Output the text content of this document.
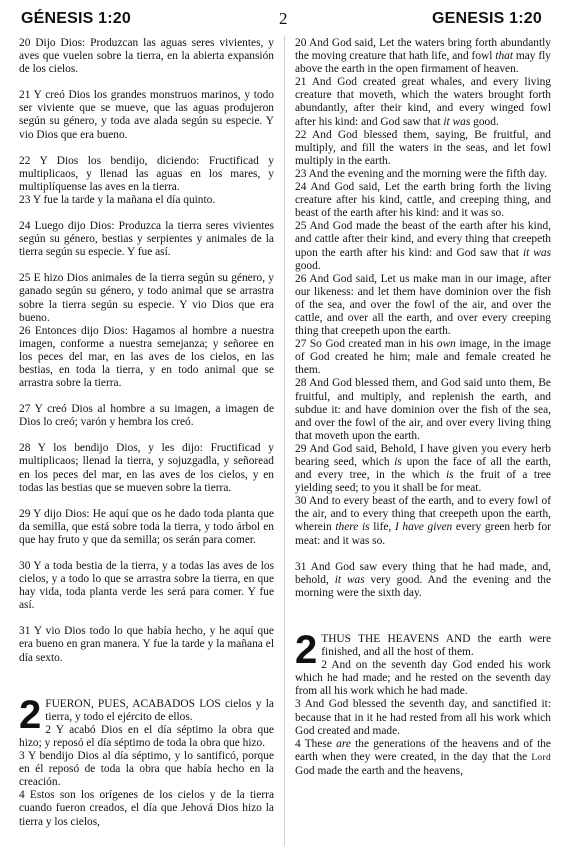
GÉNESIS 1:20	2	GENESIS 1:20

20 Dijo Dios: Produzcan las aguas seres vivientes, y aves que vuelen sobre la tierra, en la abierta expansión de los cielos.

21 Y creó Dios los grandes monstruos marinos, y todo ser viviente que se mueve, que las aguas produjeron según su género, y toda ave alada según su especie. Y vio Dios que era bueno.

22 Y Dios los bendijo, diciendo: Fructificad y multiplicaos, y llenad las aguas en los mares, y multiplíquense las aves en la tierra.

23 Y fue la tarde y la mañana el día quinto.

24 Luego dijo Dios: Produzca la tierra seres vivientes según su género, bestias y serpientes y animales de la tierra según su especie. Y fue así.

25 E hizo Dios animales de la tierra según su género, y ganado según su género, y todo animal que se arrastra sobre la tierra según su especie. Y vio Dios que era bueno.

26 Entonces dijo Dios: Hagamos al hombre a nuestra imagen, conforme a nuestra semejanza; y señoree en los peces del mar, en las aves de los cielos, en las bestias, en toda la tierra, y en todo animal que se arrastra sobre la tierra.

27 Y creó Dios al hombre a su imagen, a imagen de Dios lo creó; varón y hembra los creó.

28 Y los bendijo Dios, y les dijo: Fructificad y multiplicaos; llenad la tierra, y sojuzgadla, y señoread en los peces del mar, en las aves de los cielos, y en todas las bestias que se mueven sobre la tierra.

29 Y dijo Dios: He aquí que os he dado toda planta que da semilla, que está sobre toda la tierra, y todo árbol en que hay fruto y que da semilla; os serán para comer.

30 Y a toda bestia de la tierra, y a todas las aves de los cielos, y a todo lo que se arrastra sobre la tierra, en que hay vida, toda planta verde les será para comer. Y fue así.

31 Y vio Dios todo lo que había hecho, y he aquí que era bueno en gran manera. Y fue la tarde y la mañana el día sexto.

2 FUERON, PUES, ACABADOS LOS cielos y la tierra, y todo el ejército de ellos.

2 Y acabó Dios en el día séptimo la obra que hizo; y reposó el día séptimo de toda la obra que hizo.

3 Y bendijo Dios al día séptimo, y lo santificó, porque en él reposó de toda la obra que había hecho en la creación.

4 Estos son los orígenes de los cielos y de la tierra cuando fueron creados, el día que Jehová Dios hizo la tierra y los cielos,

20 And God said, Let the waters bring forth abundantly the moving creature that hath life, and fowl that may fly above the earth in the open firmament of heaven.

21 And God created great whales, and every living creature that moveth, which the waters brought forth abundantly, after their kind, and every winged fowl after his kind: and God saw that it was good.

22 And God blessed them, saying, Be fruitful, and multiply, and fill the waters in the seas, and let fowl multiply in the earth.

23 And the evening and the morning were the fifth day.

24 And God said, Let the earth bring forth the living creature after his kind, cattle, and creeping thing, and beast of the earth after his kind: and it was so.

25 And God made the beast of the earth after his kind, and cattle after their kind, and every thing that creepeth upon the earth after his kind: and God saw that it was good.

26 And God said, Let us make man in our image, after our likeness: and let them have dominion over the fish of the sea, and over the fowl of the air, and over the cattle, and over all the earth, and over every creeping thing that creepeth upon the earth.

27 So God created man in his own image, in the image of God created he him; male and female created he them.

28 And God blessed them, and God said unto them, Be fruitful, and multiply, and replenish the earth, and subdue it: and have dominion over the fish of the sea, and over the fowl of the air, and over every living thing that moveth upon the earth.

29 And God said, Behold, I have given you every herb bearing seed, which is upon the face of all the earth, and every tree, in the which is the fruit of a tree yielding seed; to you it shall be for meat.

30 And to every beast of the earth, and to every fowl of the air, and to every thing that creepeth upon the earth, wherein there is life, I have given every green herb for meat: and it was so.

31 And God saw every thing that he had made, and, behold, it was very good. And the evening and the morning were the sixth day.

2 THUS THE HEAVENS AND the earth were finished, and all the host of them.

2 And on the seventh day God ended his work which he had made; and he rested on the seventh day from all his work which he had made.

3 And God blessed the seventh day, and sanctified it: because that in it he had rested from all his work which God created and made.

4 These are the generations of the heavens and of the earth when they were created, in the day that the Lord God made the earth and the heavens,
